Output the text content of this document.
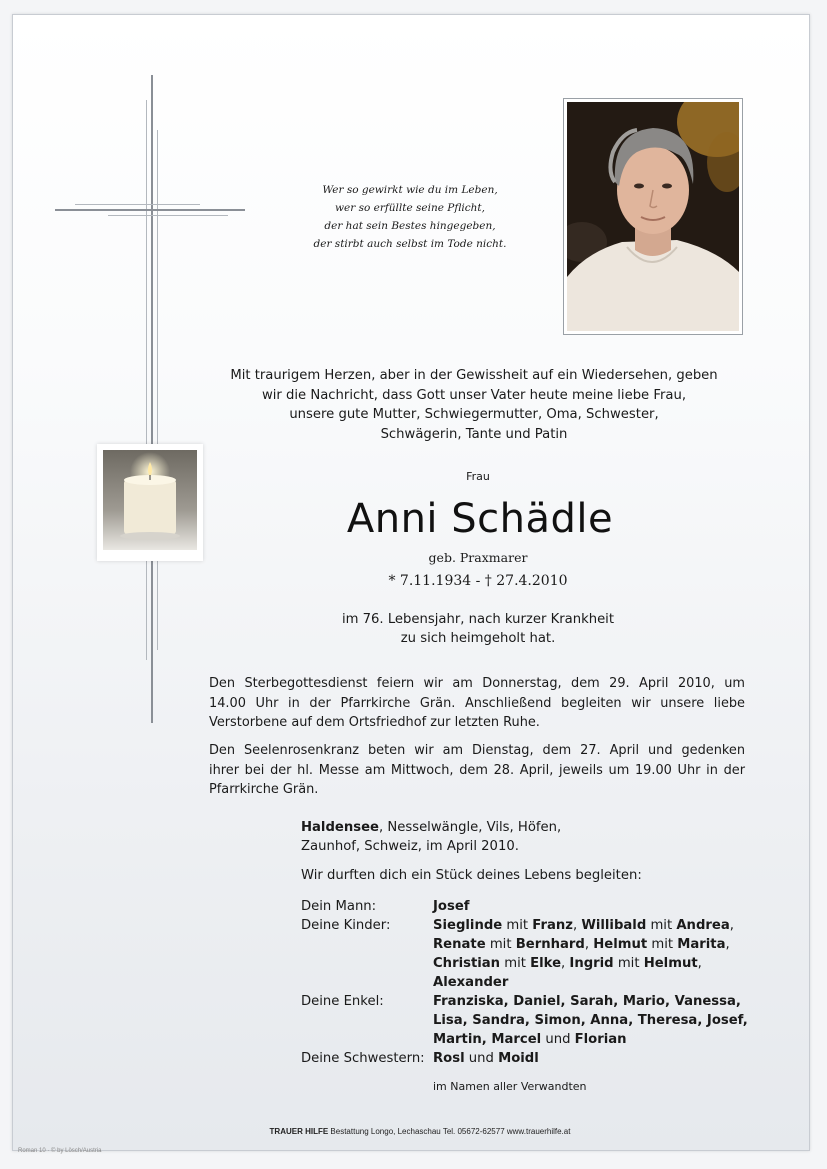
Wer so gewirkt wie du im Leben,
wer so erfüllte seine Pflicht,
der hat sein Bestes hingegeben,
der stirbt auch selbst im Tode nicht.
Mit traurigem Herzen, aber in der Gewissheit auf ein Wiedersehen, geben
wir die Nachricht, dass Gott unser Vater heute meine liebe Frau,
unsere gute Mutter, Schwiegermutter, Oma, Schwester,
Schwägerin, Tante und Patin
Frau
Anni Schädle
geb. Praxmarer
* 7.11.1934 - † 27.4.2010
im 76. Lebensjahr, nach kurzer Krankheit
zu sich heimgeholt hat.
Den Sterbegottesdienst feiern wir am Donnerstag, dem 29. April 2010, um
14.00 Uhr in der Pfarrkirche Grän. Anschließend begleiten wir unsere liebe
Verstorbene auf dem Ortsfriedhof zur letzten Ruhe.
Den Seelenrosenkranz beten wir am Dienstag, dem 27. April und gedenken
ihrer bei der hl. Messe am Mittwoch, dem 28. April, jeweils um 19.00 Uhr in der
Pfarrkirche Grän.
Haldensee, Nesselwängle, Vils, Höfen,
Zaunhof, Schweiz, im April 2010.
Wir durften dich ein Stück deines Lebens begleiten:
Dein Mann:	Josef
Deine Kinder:	Sieglinde mit Franz, Willibald mit Andrea,
Renate mit Bernhard, Helmut mit Marita,
Christian mit Elke, Ingrid mit Helmut,
Alexander
Deine Enkel:	Franziska, Daniel, Sarah, Mario, Vanessa,
Lisa, Sandra, Simon, Anna, Theresa, Josef,
Martin, Marcel und Florian
Deine Schwestern: Rosl und Moidl
im Namen aller Verwandten
TRAUER HILFE Bestattung Longo, Lechaschau Tel. 05672-62577 www.trauerhilfe.at
Roman 10 · © by Lösch/Austria
